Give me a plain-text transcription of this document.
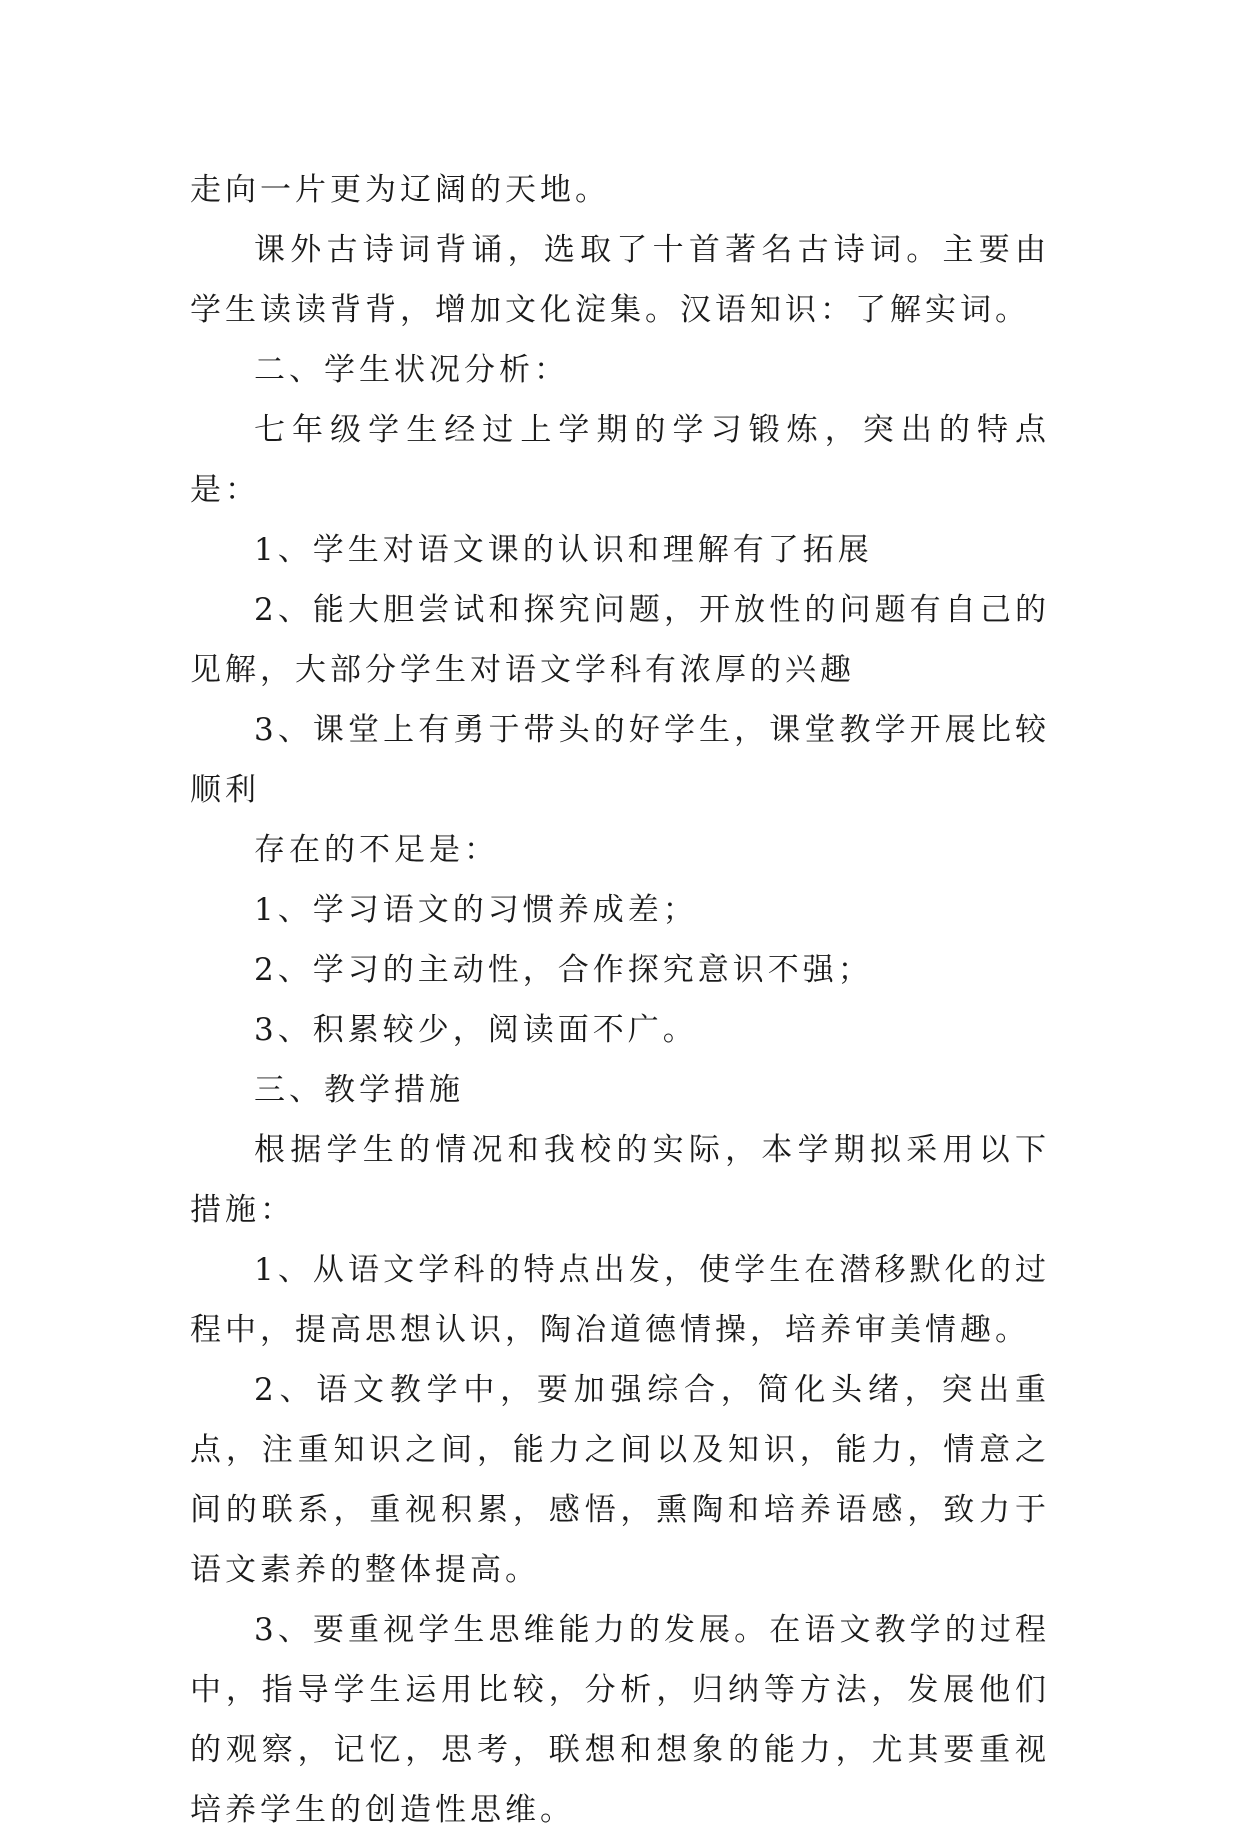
走向一片更为辽阔的天地。

课外古诗词背诵，选取了十首著名古诗词。主要由学生读读背背，增加文化淀集。汉语知识：了解实词。

二、学生状况分析：

七年级学生经过上学期的学习锻炼，突出的特点是：

1、学生对语文课的认识和理解有了拓展

2、能大胆尝试和探究问题，开放性的问题有自己的见解，大部分学生对语文学科有浓厚的兴趣

3、课堂上有勇于带头的好学生，课堂教学开展比较顺利

存在的不足是：

1、学习语文的习惯养成差；

2、学习的主动性，合作探究意识不强；

3、积累较少，阅读面不广。

三、教学措施

根据学生的情况和我校的实际，本学期拟采用以下措施：

1、从语文学科的特点出发，使学生在潜移默化的过程中，提高思想认识，陶冶道德情操，培养审美情趣。

2、语文教学中，要加强综合，简化头绪，突出重点，注重知识之间，能力之间以及知识，能力，情意之间的联系，重视积累，感悟，熏陶和培养语感，致力于语文素养的整体提高。

3、要重视学生思维能力的发展。在语文教学的过程中，指导学生运用比较，分析，归纳等方法，发展他们的观察，记忆，思考，联想和想象的能力，尤其要重视培养学生的创造性思维。
